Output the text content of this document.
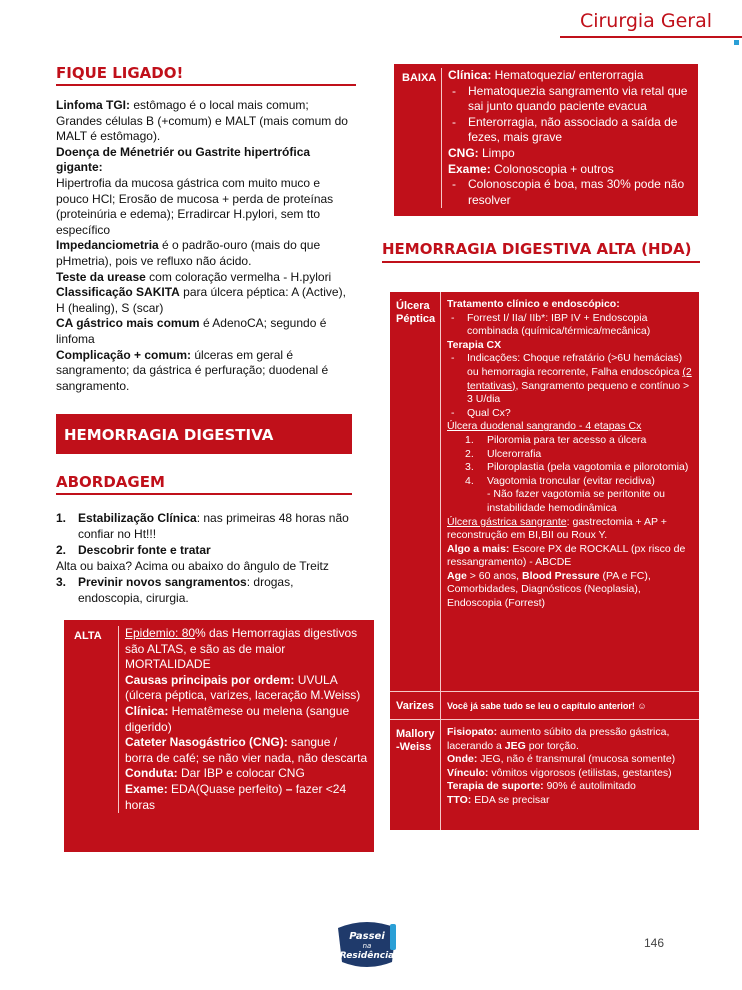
Cirurgia Geral
FIQUE LIGADO!

Linfoma TGI: estômago é o local mais comum; Grandes células B (+comum) e MALT (mais comum do MALT é estômago).

Doença de Ménetriér ou Gastrite hipertrófica gigante:

Hipertrofia da mucosa gástrica com muito muco e pouco HCl; Erosão de mucosa + perda de proteínas (proteinúria e edema); Erradircar H.pylori, sem tto específico

Impedanciometria é o padrão-ouro (mais do que pHmetria), pois ve refluxo não ácido.

Teste da urease com coloração vermelha - H.pylori

Classificação SAKITA para úlcera péptica: A (Active), H (healing), S (scar)

CA gástrico mais comum é AdenoCA; segundo é linfoma

Complicação + comum: úlceras em geral é sangramento; da gástrica é perfuração; duodenal é sangramento.

HEMORRAGIA DIGESTIVA
ABORDAGEM
1. Estabilização Clínica: nas primeiras 48 horas não confiar no Ht!!!
2. Descobrir fonte e tratar
Alta ou baixa? Acima ou abaixo do ângulo de Treitz
3. Previnir novos sangramentos: drogas, endoscopia, cirurgia.
ALTA Epidemio: 80% das Hemorragias digestivos são ALTAS, e são as de maior MORTALIDADE
Causas principais por ordem: UVULA (úlcera péptica, varizes, laceração M.Weiss)
Clínica: Hematêmese ou melena (sangue digerido)
Cateter Nasogástrico (CNG): sangue / borra de café; se não vier nada, não descarta
Conduta: Dar IBP e colocar CNG
Exame: EDA(Quase perfeito) – fazer <24 horas
BAIXA Clínica: Hematoquezia/ enterorragia
-	Hematoquezia sangramento via retal que sai junto quando paciente evacua
-	Enterorragia, não associado a saída de fezes, mais grave
CNG: Limpo
Exame: Colonoscopia + outros
-	Colonoscopia é boa, mas 30% pode não resolver
HEMORRAGIA DIGESTIVA ALTA (HDA)
Úlcera Péptica
Tratamento clínico e endoscópico:
-	Forrest I/ IIa/ IIb*: IBP IV + Endoscopia combinada (química/térmica/mecânica)
Terapia CX
-	Indicações: Choque refratário (>6U hemácias) ou hemorragia recorrente, Falha endoscópica (2 tentativas), Sangramento pequeno e contínuo > 3 U/dia
-	Qual Cx?
Úlcera duodenal sangrando - 4 etapas Cx
1.	Piloromia para ter acesso a úlcera
2.	Ulcerorrafia
3.	Piloroplastia (pela vagotomia e pilorotomia)
4.	Vagotomia troncular (evitar recidiva)
- Não fazer vagotomia se peritonite ou instabilidade hemodinâmica
Úlcera gástrica sangrante: gastrectomia + AP + reconstrução em BI,BII ou Roux Y.
Algo a mais: Escore PX de ROCKALL (px risco de ressangramento) - ABCDE
Age > 60 anos, Blood Pressure (PA e FC), Comorbidades, Diagnósticos (Neoplasia), Endoscopia (Forrest)
Varizes	Você já sabe tudo se leu o capítulo anterior! ☺
Mallory -Weiss
Fisiopato: aumento súbito da pressão gástrica, lacerando a JEG por torção.
Onde: JEG, não é transmural (mucosa somente)
Vínculo: vômitos vigorosos (etilistas, gestantes)
Terapia de suporte: 90% é autolimitado
TTO: EDA se precisar
Passei
na
Residência
146
